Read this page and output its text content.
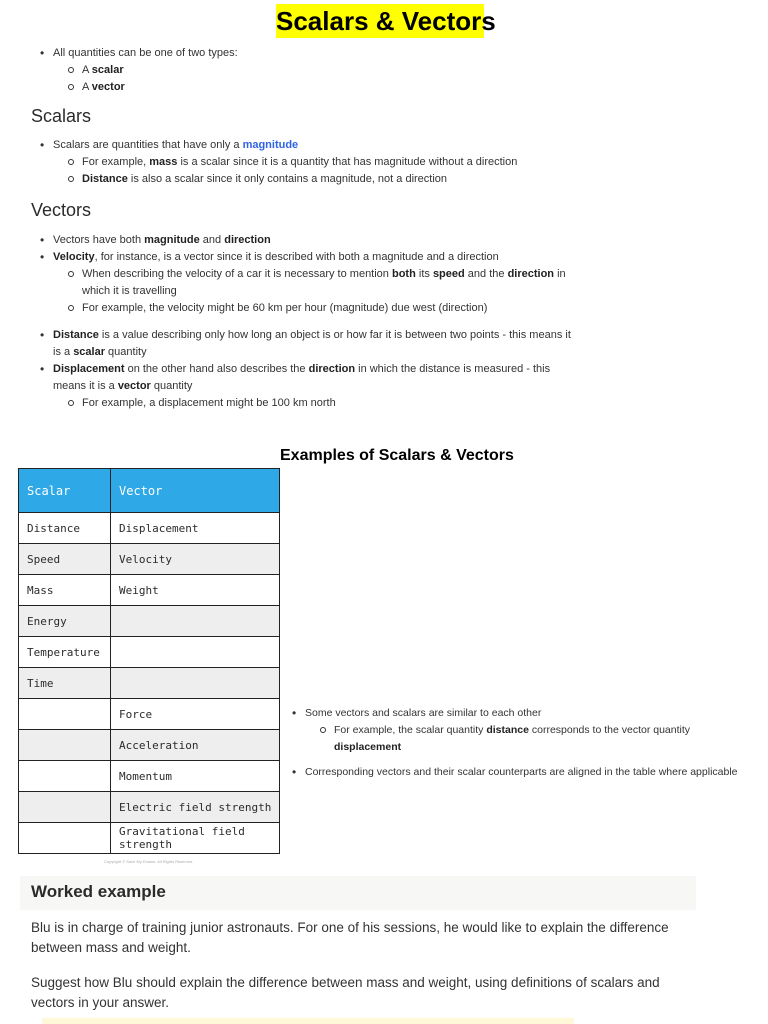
Scalars & Vectors
• All quantities can be one of two types:
A scalar
A vector
Scalars
• Scalars are quantities that have only a magnitude
For example, mass is a scalar since it is a quantity that has magnitude without a direction
Distance is also a scalar since it only contains a magnitude, not a direction
Vectors
• Vectors have both magnitude and direction
• Velocity, for instance, is a vector since it is described with both a magnitude and a direction
When describing the velocity of a car it is necessary to mention both its speed and the direction in which it is travelling
For example, the velocity might be 60 km per hour (magnitude) due west (direction)
• Distance is a value describing only how long an object is or how far it is between two points - this means it is a scalar quantity
• Displacement on the other hand also describes the direction in which the distance is measured - this means it is a vector quantity
For example, a displacement might be 100 km north
Examples of Scalars & Vectors
Scalar	Vector
Distance	Displacement
Speed	Velocity
Mass	Weight
Energy	
Temperature	
Time	
	Force
	Acceleration
	Momentum
	Electric field strength
	Gravitational field strength
Copyright © Save My Exams. All Rights Reserved
• Some vectors and scalars are similar to each other
For example, the scalar quantity distance corresponds to the vector quantity displacement
• Corresponding vectors and their scalar counterparts are aligned in the table where applicable
Worked example
Blu is in charge of training junior astronauts. For one of his sessions, he would like to explain the difference between mass and weight.
Suggest how Blu should explain the difference between mass and weight, using definitions of scalars and vectors in your answer.
